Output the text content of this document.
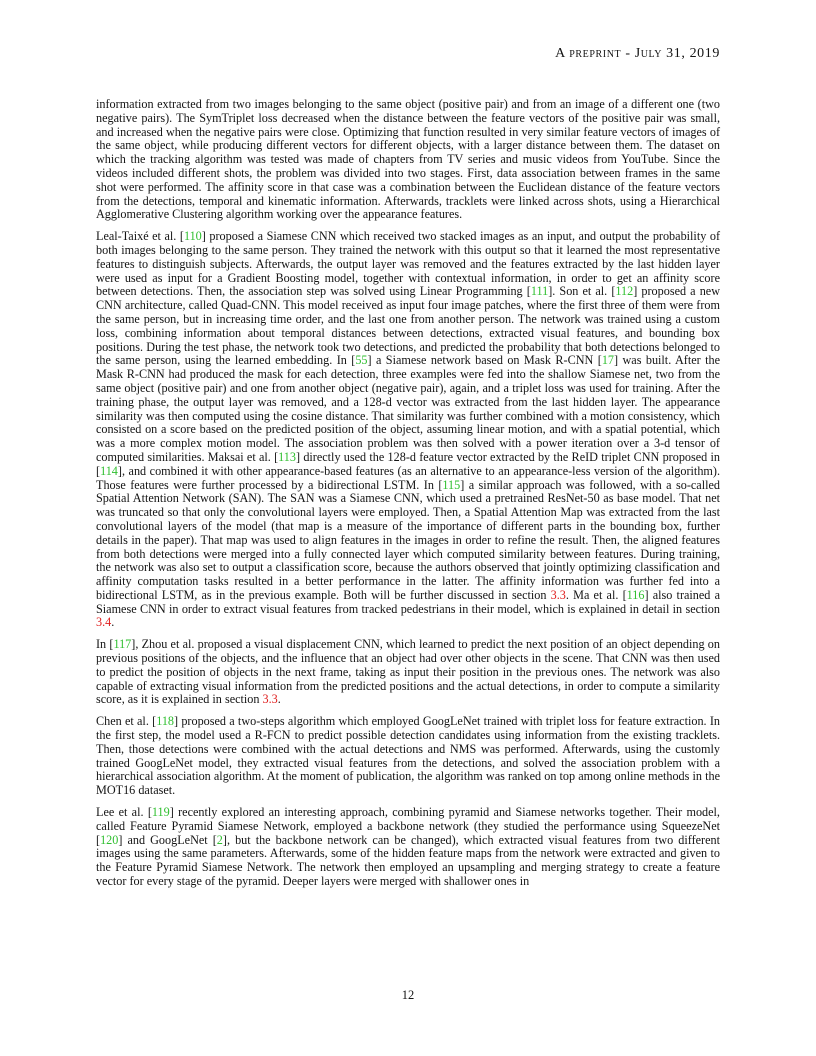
A preprint - July 31, 2019

information extracted from two images belonging to the same object (positive pair) and from an image of a different one (two negative pairs). The SymTriplet loss decreased when the distance between the feature vectors of the positive pair was small, and increased when the negative pairs were close. Optimizing that function resulted in very similar feature vectors of images of the same object, while producing different vectors for different objects, with a larger distance between them. The dataset on which the tracking algorithm was tested was made of chapters from TV series and music videos from YouTube. Since the videos included different shots, the problem was divided into two stages. First, data association between frames in the same shot were performed. The affinity score in that case was a combination between the Euclidean distance of the feature vectors from the detections, temporal and kinematic information. Afterwards, tracklets were linked across shots, using a Hierarchical Agglomerative Clustering algorithm working over the appearance features.

Leal-Taixé et al. [110] proposed a Siamese CNN which received two stacked images as an input, and output the probability of both images belonging to the same person. They trained the network with this output so that it learned the most representative features to distinguish subjects. Afterwards, the output layer was removed and the features extracted by the last hidden layer were used as input for a Gradient Boosting model, together with contextual information, in order to get an affinity score between detections. Then, the association step was solved using Linear Programming [111]. Son et al. [112] proposed a new CNN architecture, called Quad-CNN. This model received as input four image patches, where the first three of them were from the same person, but in increasing time order, and the last one from another person. The network was trained using a custom loss, combining information about temporal distances between detections, extracted visual features, and bounding box positions. During the test phase, the network took two detections, and predicted the probability that both detections belonged to the same person, using the learned embedding. In [55] a Siamese network based on Mask R-CNN [17] was built. After the Mask R-CNN had produced the mask for each detection, three examples were fed into the shallow Siamese net, two from the same object (positive pair) and one from another object (negative pair), again, and a triplet loss was used for training. After the training phase, the output layer was removed, and a 128-d vector was extracted from the last hidden layer. The appearance similarity was then computed using the cosine distance. That similarity was further combined with a motion consistency, which consisted on a score based on the predicted position of the object, assuming linear motion, and with a spatial potential, which was a more complex motion model. The association problem was then solved with a power iteration over a 3-d tensor of computed similarities. Maksai et al. [113] directly used the 128-d feature vector extracted by the ReID triplet CNN proposed in [114], and combined it with other appearance-based features (as an alternative to an appearance-less version of the algorithm). Those features were further processed by a bidirectional LSTM. In [115] a similar approach was followed, with a so-called Spatial Attention Network (SAN). The SAN was a Siamese CNN, which used a pretrained ResNet-50 as base model. That net was truncated so that only the convolutional layers were employed. Then, a Spatial Attention Map was extracted from the last convolutional layers of the model (that map is a measure of the importance of different parts in the bounding box, further details in the paper). That map was used to align features in the images in order to refine the result. Then, the aligned features from both detections were merged into a fully connected layer which computed similarity between features. During training, the network was also set to output a classification score, because the authors observed that jointly optimizing classification and affinity computation tasks resulted in a better performance in the latter. The affinity information was further fed into a bidirectional LSTM, as in the previous example. Both will be further discussed in section 3.3. Ma et al. [116] also trained a Siamese CNN in order to extract visual features from tracked pedestrians in their model, which is explained in detail in section 3.4.

In [117], Zhou et al. proposed a visual displacement CNN, which learned to predict the next position of an object depending on previous positions of the objects, and the influence that an object had over other objects in the scene. That CNN was then used to predict the position of objects in the next frame, taking as input their position in the previous ones. The network was also capable of extracting visual information from the predicted positions and the actual detections, in order to compute a similarity score, as it is explained in section 3.3.

Chen et al. [118] proposed a two-steps algorithm which employed GoogLeNet trained with triplet loss for feature extraction. In the first step, the model used a R-FCN to predict possible detection candidates using information from the existing tracklets. Then, those detections were combined with the actual detections and NMS was performed. Afterwards, using the customly trained GoogLeNet model, they extracted visual features from the detections, and solved the association problem with a hierarchical association algorithm. At the moment of publication, the algorithm was ranked on top among online methods in the MOT16 dataset.

Lee et al. [119] recently explored an interesting approach, combining pyramid and Siamese networks together. Their model, called Feature Pyramid Siamese Network, employed a backbone network (they studied the performance using SqueezeNet [120] and GoogLeNet [2], but the backbone network can be changed), which extracted visual features from two different images using the same parameters. Afterwards, some of the hidden feature maps from the network were extracted and given to the Feature Pyramid Siamese Network. The network then employed an upsampling and merging strategy to create a feature vector for every stage of the pyramid. Deeper layers were merged with shallower ones in

12
